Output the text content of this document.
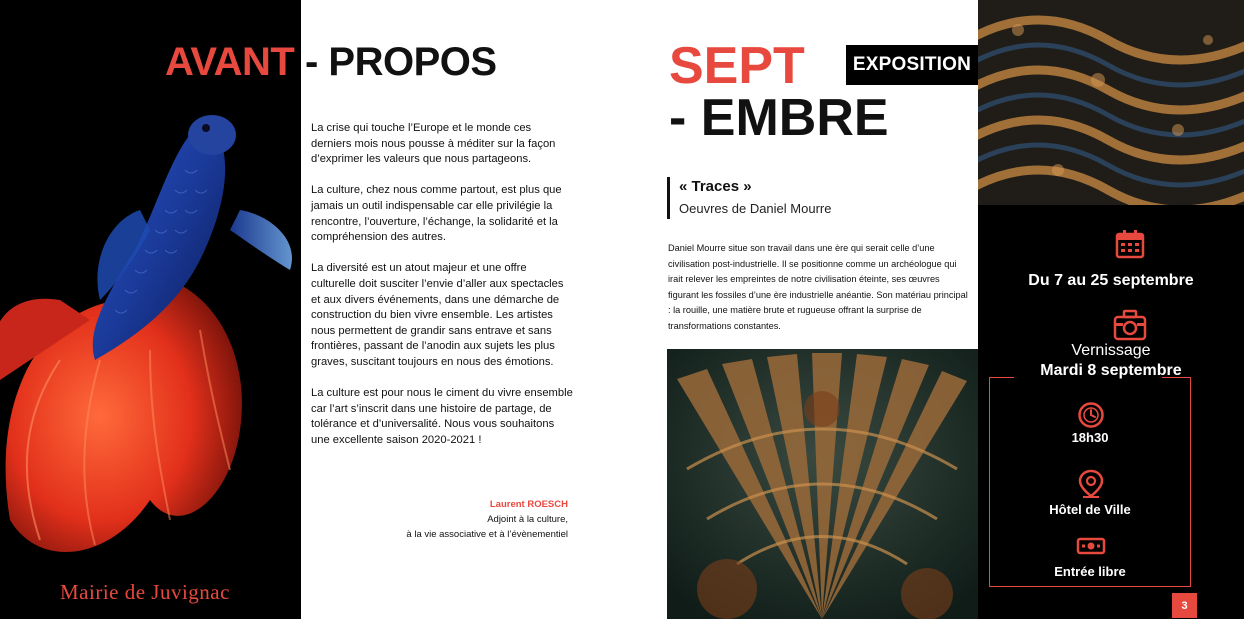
Mairie de Juvignac
AVANT - PROPOS

La crise qui touche l’Europe et le monde ces derniers mois nous pousse à méditer sur la façon d’exprimer les valeurs que nous partageons.

La culture, chez nous comme partout, est plus que jamais un outil indispensable car elle privilégie la rencontre, l’ouverture, l’échange, la solidarité et la compréhension des autres.

La diversité est un atout majeur et une offre culturelle doit susciter l’envie d’aller aux spectacles et aux divers événements, dans une démarche de construction du bien vivre ensemble. Les artistes nous permettent de grandir sans entrave et sans frontières, passant de l’anodin aux sujets les plus graves, suscitant toujours en nous des émotions.

La culture est pour nous le ciment du vivre ensemble car l’art s’inscrit dans une histoire de partage, de tolérance et d’universalité. Nous vous souhaitons une excellente saison 2020-2021 !

Laurent ROESCH
Adjoint à la culture,
à la vie associative et à l’évènementiel
SEPT
- EMBRE
EXPOSITION
« Traces »
Oeuvres de Daniel Mourre
Daniel Mourre situe son travail dans une ère qui serait celle d’une civilisation post-industrielle. Il se positionne comme un archéologue qui irait relever les empreintes de notre civilisation éteinte, ses œuvres figurant les fossiles d’une ère industrielle anéantie. Son matériau principal : la rouille, une matière brute et rugueuse offrant la surprise de transformations constantes.
Du 7 au 25 septembre
Vernissage
18h30
Hôtel de Ville
Entrée libre
Mardi 8 septembre
3
